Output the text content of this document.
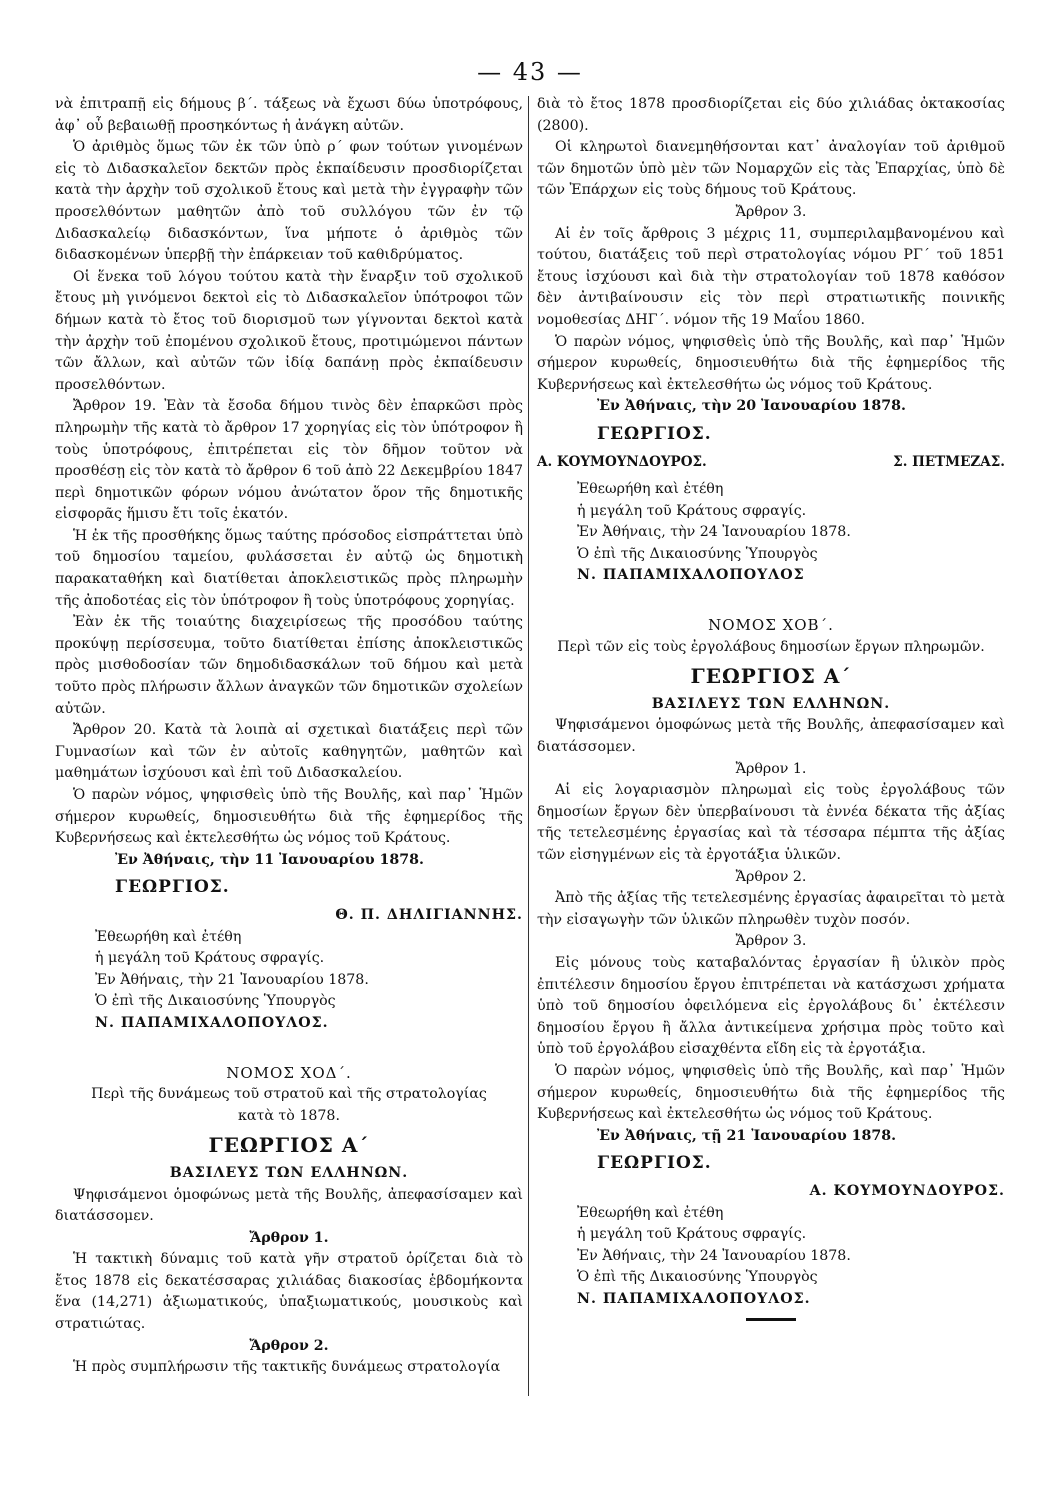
— 43 —

νὰ ἐπιτραπῇ εἰς δήμους β΄. τάξεως νὰ ἔχωσι δύω ὑποτρόφους, ἀφ᾽ οὗ βεβαιωθῇ προσηκόντως ἡ ἀνάγκη αὐτῶν.

Ὁ ἀριθμὸς ὅμως τῶν ἐκ τῶν ὑπὸ ρ΄ φων τούτων γινομένων εἰς τὸ Διδασκαλεῖον δεκτῶν πρὸς ἐκπαίδευσιν προσδιορίζεται κατὰ τὴν ἀρχὴν τοῦ σχολικοῦ ἔτους καὶ μετὰ τὴν ἐγγραφὴν τῶν προσελθόντων μαθητῶν ἀπὸ τοῦ συλλόγου τῶν ἐν τῷ Διδασκαλείῳ διδασκόντων, ἵνα μήποτε ὁ ἀριθμὸς τῶν διδασκομένων ὑπερβῇ τὴν ἐπάρκειαν τοῦ καθιδρύματος.

Οἱ ἕνεκα τοῦ λόγου τούτου κατὰ τὴν ἔναρξιν τοῦ σχολικοῦ ἔτους μὴ γινόμενοι δεκτοὶ εἰς τὸ Διδασκαλεῖον ὑπότροφοι τῶν δήμων κατὰ τὸ ἔτος τοῦ διορισμοῦ των γίγνονται δεκτοὶ κατὰ τὴν ἀρχὴν τοῦ ἐπομένου σχολικοῦ ἔτους, προτιμώμενοι πάντων τῶν ἄλλων, καὶ αὐτῶν τῶν ἰδίᾳ δαπάνῃ πρὸς ἐκπαίδευσιν προσελθόντων.

Ἄρθρον 19. Ἐὰν τὰ ἔσοδα δήμου τινὸς δὲν ἐπαρκῶσι πρὸς πληρωμὴν τῆς κατὰ τὸ ἄρθρον 17 χορηγίας εἰς τὸν ὑπότροφον ἢ τοὺς ὑποτρόφους, ἐπιτρέπεται εἰς τὸν δῆμον τοῦτον νὰ προσθέσῃ εἰς τὸν κατὰ τὸ ἄρθρον 6 τοῦ ἀπὸ 22 Δεκεμβρίου 1847 περὶ δημοτικῶν φόρων νόμου ἀνώτατον ὅρον τῆς δημοτικῆς εἰσφορᾶς ἥμισυ ἔτι τοῖς ἑκατόν.

Ἡ ἐκ τῆς προσθήκης ὅμως ταύτης πρόσοδος εἰσπράττεται ὑπὸ τοῦ δημοσίου ταμείου, φυλάσσεται ἐν αὐτῷ ὡς δημοτικὴ παρακαταθήκη καὶ διατίθεται ἀποκλειστικῶς πρὸς πληρωμὴν τῆς ἀποδοτέας εἰς τὸν ὑπότροφον ἢ τοὺς ὑποτρόφους χορηγίας.

Ἐὰν ἐκ τῆς τοιαύτης διαχειρίσεως τῆς προσόδου ταύτης προκύψῃ περίσσευμα, τοῦτο διατίθεται ἐπίσης ἀποκλειστικῶς πρὸς μισθοδοσίαν τῶν δημοδιδασκάλων τοῦ δήμου καὶ μετὰ τοῦτο πρὸς πλήρωσιν ἄλλων ἀναγκῶν τῶν δημοτικῶν σχολείων αὐτῶν.

Ἄρθρον 20. Κατὰ τὰ λοιπὰ αἱ σχετικαὶ διατάξεις περὶ τῶν Γυμνασίων καὶ τῶν ἐν αὐτοῖς καθηγητῶν, μαθητῶν καὶ μαθημάτων ἰσχύουσι καὶ ἐπὶ τοῦ Διδασκαλείου.

Ὁ παρὼν νόμος, ψηφισθεὶς ὑπὸ τῆς Βουλῆς, καὶ παρ᾽ Ἡμῶν σήμερον κυρωθείς, δημοσιευθήτω διὰ τῆς ἐφημερίδος τῆς Κυβερνήσεως καὶ ἐκτελεσθήτω ὡς νόμος τοῦ Κράτους.

Ἐν Ἀθήναις, τὴν 11 Ἰανουαρίου 1878.

ΓΕΩΡΓΙΟΣ.

Θ. Π. ΔΗΛΙΓΙΑΝΝΗΣ.

Ἐθεωρήθη καὶ ἐτέθη

ἡ μεγάλη τοῦ Κράτους σφραγίς.

Ἐν Ἀθήναις, τὴν 21 Ἰανουαρίου 1878.

Ὁ ἐπὶ τῆς Δικαιοσύνης Ὑπουργὸς

Ν. ΠΑΠΑΜΙΧΑΛΟΠΟΥΛΟΣ.

ΝΟΜΟΣ ΧΟΔ΄.

Περὶ τῆς δυνάμεως τοῦ στρατοῦ καὶ τῆς στρατολογίας

κατὰ τὸ 1878.

ΓΕΩΡΓΙΟΣ Α΄

ΒΑΣΙΛΕΥΣ ΤΩΝ ΕΛΛΗΝΩΝ.

Ψηφισάμενοι ὁμοφώνως μετὰ τῆς Βουλῆς, ἀπεφασίσαμεν καὶ διατάσσομεν.

Ἄρθρον 1.

Ἡ τακτικὴ δύναμις τοῦ κατὰ γῆν στρατοῦ ὁρίζεται διὰ τὸ ἔτος 1878 εἰς δεκατέσσαρας χιλιάδας διακοσίας ἑβδομήκοντα ἕνα (14,271) ἀξιωματικούς, ὑπαξιωματικούς, μουσικοὺς καὶ στρατιώτας.

Ἄρθρον 2.

Ἡ πρὸς συμπλήρωσιν τῆς τακτικῆς δυνάμεως στρατολογία

διὰ τὸ ἔτος 1878 προσδιορίζεται εἰς δύο χιλιάδας ὀκτακοσίας (2800).

Οἱ κληρωτοὶ διανεμηθήσονται κατ᾽ ἀναλογίαν τοῦ ἀριθμοῦ τῶν δημοτῶν ὑπὸ μὲν τῶν Νομαρχῶν εἰς τὰς Ἐπαρχίας, ὑπὸ δὲ τῶν Ἐπάρχων εἰς τοὺς δήμους τοῦ Κράτους.

Ἄρθρον 3.

Αἱ ἐν τοῖς ἄρθροις 3 μέχρις 11, συμπεριλαμβανομένου καὶ τούτου, διατάξεις τοῦ περὶ στρατολογίας νόμου ΡΓ΄ τοῦ 1851 ἔτους ἰσχύουσι καὶ διὰ τὴν στρατολογίαν τοῦ 1878 καθόσον δὲν ἀντιβαίνουσιν εἰς τὸν περὶ στρατιωτικῆς ποινικῆς νομοθεσίας ΔΗΓ΄. νόμον τῆς 19 Μαΐου 1860.

Ὁ παρὼν νόμος, ψηφισθεὶς ὑπὸ τῆς Βουλῆς, καὶ παρ᾽ Ἡμῶν σήμερον κυρωθείς, δημοσιευθήτω διὰ τῆς ἐφημερίδος τῆς Κυβερνήσεως καὶ ἐκτελεσθήτω ὡς νόμος τοῦ Κράτους.

Ἐν Ἀθήναις, τὴν 20 Ἰανουαρίου 1878.

ΓΕΩΡΓΙΟΣ.

Α. ΚΟΥΜΟΥΝΔΟΥΡΟΣ.	Σ. ΠΕΤΜΕΖΑΣ.

Ἐθεωρήθη καὶ ἐτέθη

ἡ μεγάλη τοῦ Κράτους σφραγίς.

Ἐν Ἀθήναις, τὴν 24 Ἰανουαρίου 1878.

Ὁ ἐπὶ τῆς Δικαιοσύνης Ὑπουργὸς

Ν. ΠΑΠΑΜΙΧΑΛΟΠΟΥΛΟΣ

ΝΟΜΟΣ ΧΟΒ΄.

Περὶ τῶν εἰς τοὺς ἐργολάβους δημοσίων ἔργων πληρωμῶν.

ΓΕΩΡΓΙΟΣ Α΄

ΒΑΣΙΛΕΥΣ ΤΩΝ ΕΛΛΗΝΩΝ.

Ψηφισάμενοι ὁμοφώνως μετὰ τῆς Βουλῆς, ἀπεφασίσαμεν καὶ διατάσσομεν.

Ἄρθρον 1.

Αἱ εἰς λογαριασμὸν πληρωμαὶ εἰς τοὺς ἐργολάβους τῶν δημοσίων ἔργων δὲν ὑπερβαίνουσι τὰ ἐννέα δέκατα τῆς ἀξίας τῆς τετελεσμένης ἐργασίας καὶ τὰ τέσσαρα πέμπτα τῆς ἀξίας τῶν εἰσηγμένων εἰς τὰ ἐργοτάξια ὑλικῶν.

Ἄρθρον 2.

Ἀπὸ τῆς ἀξίας τῆς τετελεσμένης ἐργασίας ἀφαιρεῖται τὸ μετὰ τὴν εἰσαγωγὴν τῶν ὑλικῶν πληρωθὲν τυχὸν ποσόν.

Ἄρθρον 3.

Εἰς μόνους τοὺς καταβαλόντας ἐργασίαν ἢ ὑλικὸν πρὸς ἐπιτέλεσιν δημοσίου ἔργου ἐπιτρέπεται νὰ κατάσχωσι χρήματα ὑπὸ τοῦ δημοσίου ὀφειλόμενα εἰς ἐργολάβους δι᾽ ἐκτέλεσιν δημοσίου ἔργου ἢ ἄλλα ἀντικείμενα χρήσιμα πρὸς τοῦτο καὶ ὑπὸ τοῦ ἐργολάβου εἰσαχθέντα εἴδη εἰς τὰ ἐργοτάξια.

Ὁ παρὼν νόμος, ψηφισθεὶς ὑπὸ τῆς Βουλῆς, καὶ παρ᾽ Ἡμῶν σήμερον κυρωθείς, δημοσιευθήτω διὰ τῆς ἐφημερίδος τῆς Κυβερνήσεως καὶ ἐκτελεσθήτω ὡς νόμος τοῦ Κράτους.

Ἐν Ἀθήναις, τῇ 21 Ἰανουαρίου 1878.

ΓΕΩΡΓΙΟΣ.

Α. ΚΟΥΜΟΥΝΔΟΥΡΟΣ.

Ἐθεωρήθη καὶ ἐτέθη

ἡ μεγάλη τοῦ Κράτους σφραγίς.

Ἐν Ἀθήναις, τὴν 24 Ἰανουαρίου 1878.

Ὁ ἐπὶ τῆς Δικαιοσύνης Ὑπουργὸς

Ν. ΠΑΠΑΜΙΧΑΛΟΠΟΥΛΟΣ.
